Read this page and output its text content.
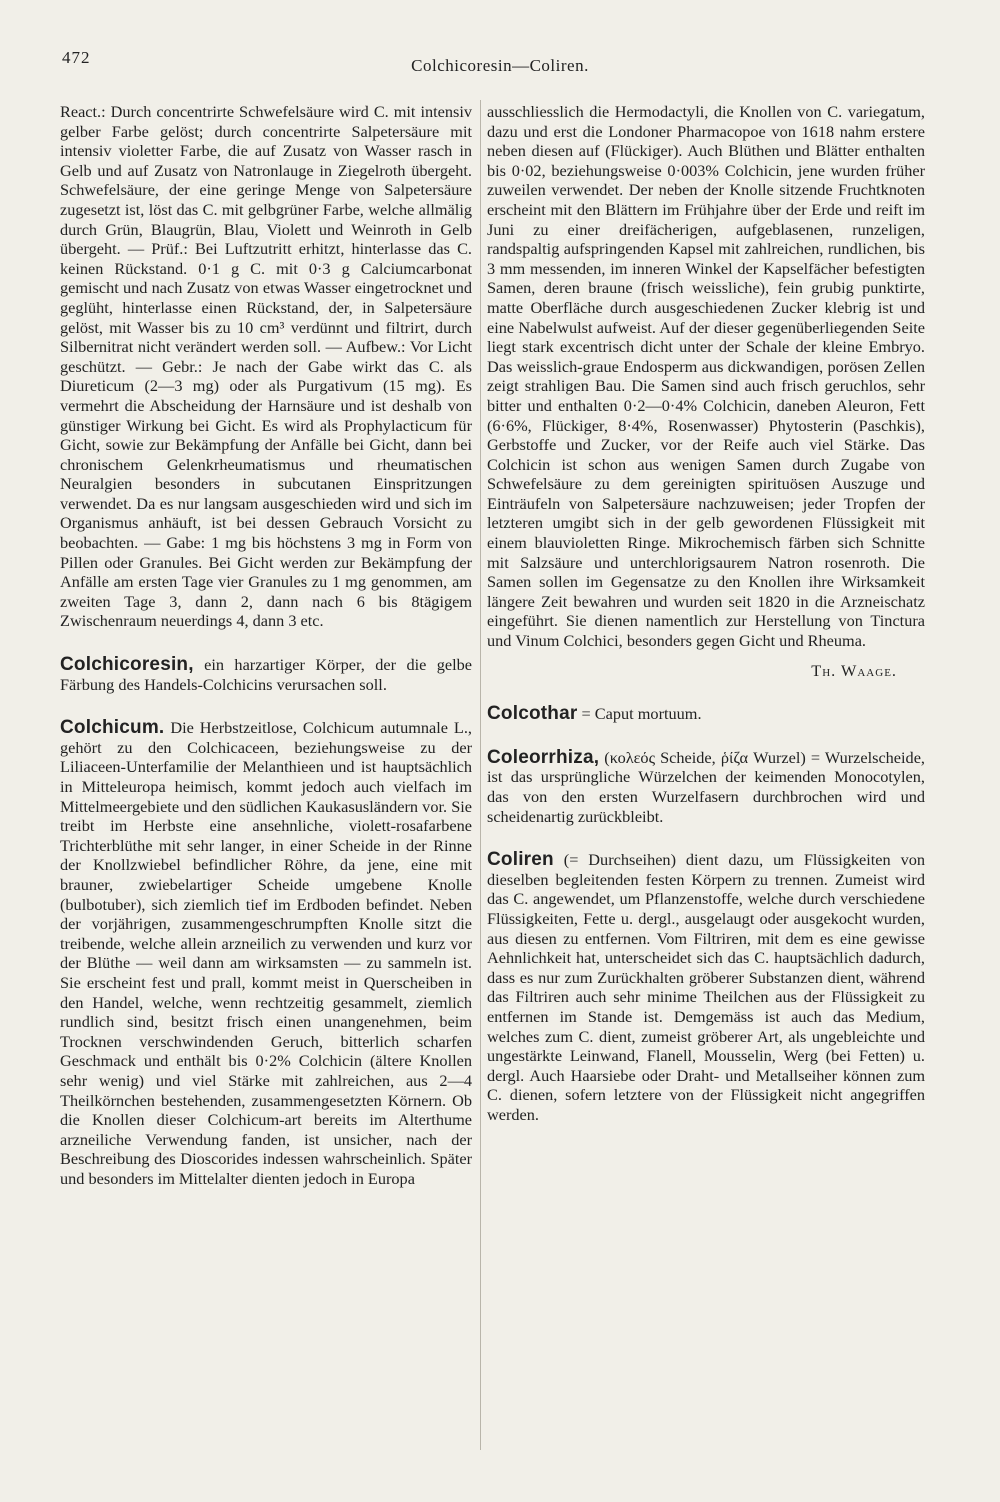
472	Colchicoresin—Coliren.

React.: Durch concentrirte Schwefelsäure wird C. mit intensiv gelber Farbe gelöst; durch concentrirte Salpetersäure mit intensiv violetter Farbe, die auf Zusatz von Wasser rasch in Gelb und auf Zusatz von Natronlauge in Ziegelroth übergeht. Schwefelsäure, der eine geringe Menge von Salpetersäure zugesetzt ist, löst das C. mit gelbgrüner Farbe, welche allmälig durch Grün, Blaugrün, Blau, Violett und Weinroth in Gelb übergeht. — Prüf.: Bei Luftzutritt erhitzt, hinterlasse das C. keinen Rückstand. 0·1 g C. mit 0·3 g Calciumcarbonat gemischt und nach Zusatz von etwas Wasser eingetrocknet und geglüht, hinterlasse einen Rückstand, der, in Salpetersäure gelöst, mit Wasser bis zu 10 cm³ verdünnt und filtrirt, durch Silbernitrat nicht verändert werden soll. — Aufbew.: Vor Licht geschützt. — Gebr.: Je nach der Gabe wirkt das C. als Diureticum (2—3 mg) oder als Purgativum (15 mg). Es vermehrt die Abscheidung der Harnsäure und ist deshalb von günstiger Wirkung bei Gicht. Es wird als Prophylacticum für Gicht, sowie zur Bekämpfung der Anfälle bei Gicht, dann bei chronischem Gelenkrheumatismus und rheumatischen Neuralgien besonders in subcutanen Einspritzungen verwendet. Da es nur langsam ausgeschieden wird und sich im Organismus anhäuft, ist bei dessen Gebrauch Vorsicht zu beobachten. — Gabe: 1 mg bis höchstens 3 mg in Form von Pillen oder Granules. Bei Gicht werden zur Bekämpfung der Anfälle am ersten Tage vier Granules zu 1 mg genommen, am zweiten Tage 3, dann 2, dann nach 6 bis 8tägigem Zwischenraum neuerdings 4, dann 3 etc.

Colchicoresin, ein harzartiger Körper, der die gelbe Färbung des Handels-Colchicins verursachen soll.

Colchicum. Die Herbstzeitlose, Colchicum autumnale L., gehört zu den Colchicaceen, beziehungsweise zu der Liliaceen-Unterfamilie der Melanthieen und ist hauptsächlich in Mitteleuropa heimisch, kommt jedoch auch vielfach im Mittelmeergebiete und den südlichen Kaukasusländern vor. Sie treibt im Herbste eine ansehnliche, violett-rosafarbene Trichterblüthe mit sehr langer, in einer Scheide in der Rinne der Knollzwiebel befindlicher Röhre, da jene, eine mit brauner, zwiebelartiger Scheide umgebene Knolle (bulbotuber), sich ziemlich tief im Erdboden befindet. Neben der vorjährigen, zusammengeschrumpften Knolle sitzt die treibende, welche allein arzneilich zu verwenden und kurz vor der Blüthe — weil dann am wirksamsten — zu sammeln ist. Sie erscheint fest und prall, kommt meist in Querscheiben in den Handel, welche, wenn rechtzeitig gesammelt, ziemlich rundlich sind, besitzt frisch einen unangenehmen, beim Trocknen verschwindenden Geruch, bitterlich scharfen Geschmack und enthält bis 0·2% Colchicin (ältere Knollen sehr wenig) und viel Stärke mit zahlreichen, aus 2—4 Theilkörnchen bestehenden, zusammengesetzten Körnern. Ob die Knollen dieser Colchicum-art bereits im Alterthume arzneiliche Verwendung fanden, ist unsicher, nach der Beschreibung des Dioscorides indessen wahrscheinlich. Später und besonders im Mittelalter dienten jedoch in Europa

ausschliesslich die Hermodactyli, die Knollen von C. variegatum, dazu und erst die Londoner Pharmacopoe von 1618 nahm erstere neben diesen auf (Flückiger). Auch Blüthen und Blätter enthalten bis 0·02, beziehungsweise 0·003% Colchicin, jene wurden früher zuweilen verwendet. Der neben der Knolle sitzende Fruchtknoten erscheint mit den Blättern im Frühjahre über der Erde und reift im Juni zu einer dreifächerigen, aufgeblasenen, runzeligen, randspaltig aufspringenden Kapsel mit zahlreichen, rundlichen, bis 3 mm messenden, im inneren Winkel der Kapselfächer befestigten Samen, deren braune (frisch weissliche), fein grubig punktirte, matte Oberfläche durch ausgeschiedenen Zucker klebrig ist und eine Nabelwulst aufweist. Auf der dieser gegenüberliegenden Seite liegt stark excentrisch dicht unter der Schale der kleine Embryo. Das weisslich-graue Endosperm aus dickwandigen, porösen Zellen zeigt strahligen Bau. Die Samen sind auch frisch geruchlos, sehr bitter und enthalten 0·2—0·4% Colchicin, daneben Aleuron, Fett (6·6%, Flückiger, 8·4%, Rosenwasser) Phytosterin (Paschkis), Gerbstoffe und Zucker, vor der Reife auch viel Stärke. Das Colchicin ist schon aus wenigen Samen durch Zugabe von Schwefelsäure zu dem gereinigten spirituösen Auszuge und Einträufeln von Salpetersäure nachzuweisen; jeder Tropfen der letzteren umgibt sich in der gelb gewordenen Flüssigkeit mit einem blauvioletten Ringe. Mikrochemisch färben sich Schnitte mit Salzsäure und unterchlorigsaurem Natron rosenroth. Die Samen sollen im Gegensatze zu den Knollen ihre Wirksamkeit längere Zeit bewahren und wurden seit 1820 in die Arzneischatz eingeführt. Sie dienen namentlich zur Herstellung von Tinctura und Vinum Colchici, besonders gegen Gicht und Rheuma.

Th. Waage.

Colcothar = Caput mortuum.

Coleorrhiza, (κολεός Scheide, ῥίζα Wurzel) = Wurzelscheide, ist das ursprüngliche Würzelchen der keimenden Monocotylen, das von den ersten Wurzelfasern durchbrochen wird und scheidenartig zurückbleibt.

Coliren (= Durchseihen) dient dazu, um Flüssigkeiten von dieselben begleitenden festen Körpern zu trennen. Zumeist wird das C. angewendet, um Pflanzenstoffe, welche durch verschiedene Flüssigkeiten, Fette u. dergl., ausgelaugt oder ausgekocht wurden, aus diesen zu entfernen. Vom Filtriren, mit dem es eine gewisse Aehnlichkeit hat, unterscheidet sich das C. hauptsächlich dadurch, dass es nur zum Zurückhalten gröberer Substanzen dient, während das Filtriren auch sehr minime Theilchen aus der Flüssigkeit zu entfernen im Stande ist. Demgemäss ist auch das Medium, welches zum C. dient, zumeist gröberer Art, als ungebleichte und ungestärkte Leinwand, Flanell, Mousselin, Werg (bei Fetten) u. dergl. Auch Haarsiebe oder Draht- und Metallseiher können zum C. dienen, sofern letztere von der Flüssigkeit nicht angegriffen werden.
